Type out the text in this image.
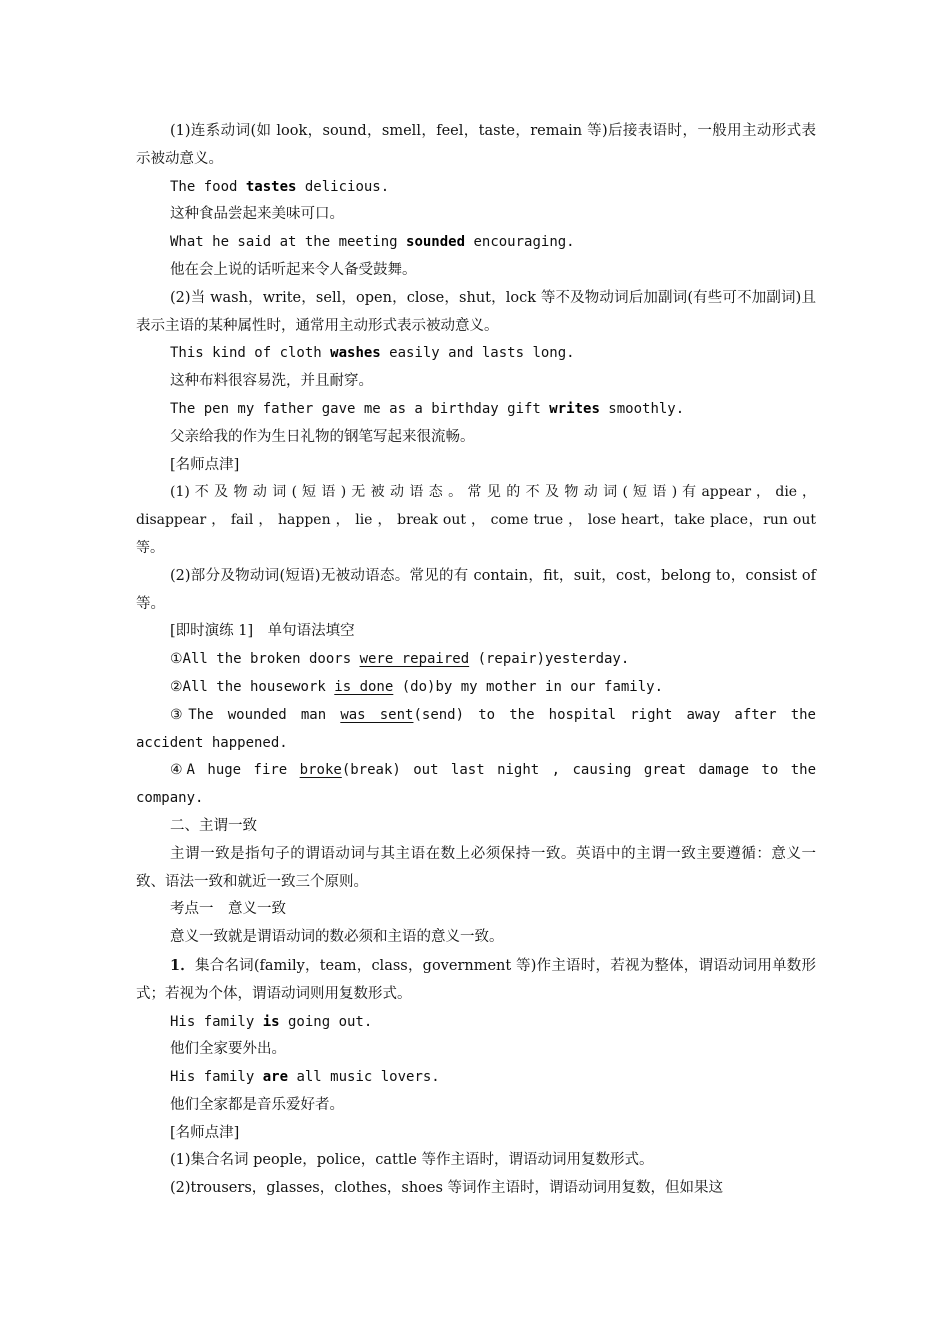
(1)连系动词(如 look，sound，smell，feel，taste，remain 等)后接表语时，一般用主动形式表示被动意义。

The food tastes delicious.

这种食品尝起来美味可口。

What he said at the meeting sounded encouraging.

他在会上说的话听起来令人备受鼓舞。

(2)当 wash，write，sell，open，close，shut，lock 等不及物动词后加副词(有些可不加副词)且表示主语的某种属性时，通常用主动形式表示被动意义。

This kind of cloth washes easily and lasts long.

这种布料很容易洗，并且耐穿。

The pen my father gave me as a birthday gift writes smoothly.

父亲给我的作为生日礼物的钢笔写起来很流畅。

[名师点津]

(1) 不 及 物 动 词 ( 短 语 ) 无 被 动 语 态 。 常 见 的 不 及 物 动 词 ( 短 语 ) 有 appear ， die ， disappear ， fail ， happen ， lie ， break out ， come true ， lose heart，take place，run out 等。

(2)部分及物动词(短语)无被动语态。常见的有 contain，fit，suit，cost，belong to，consist of 等。

[即时演练 1]　单句语法填空

①All the broken doors were repaired (repair)yesterday.

②All the housework is done (do)by my mother in our family.

③The wounded man was sent(send) to the hospital right away after the accident happened.

④A huge fire broke(break) out last night , causing great damage to the company.

二、主谓一致

主谓一致是指句子的谓语动词与其主语在数上必须保持一致。英语中的主谓一致主要遵循：意义一致、语法一致和就近一致三个原则。

考点一　意义一致

意义一致就是谓语动词的数必须和主语的意义一致。

1．集合名词(family，team，class，government 等)作主语时，若视为整体，谓语动词用单数形式；若视为个体，谓语动词则用复数形式。

His family is going out.

他们全家要外出。

His family are all music lovers.

他们全家都是音乐爱好者。

[名师点津]

(1)集合名词 people，police，cattle 等作主语时，谓语动词用复数形式。

(2)trousers，glasses，clothes，shoes 等词作主语时，谓语动词用复数，但如果这
